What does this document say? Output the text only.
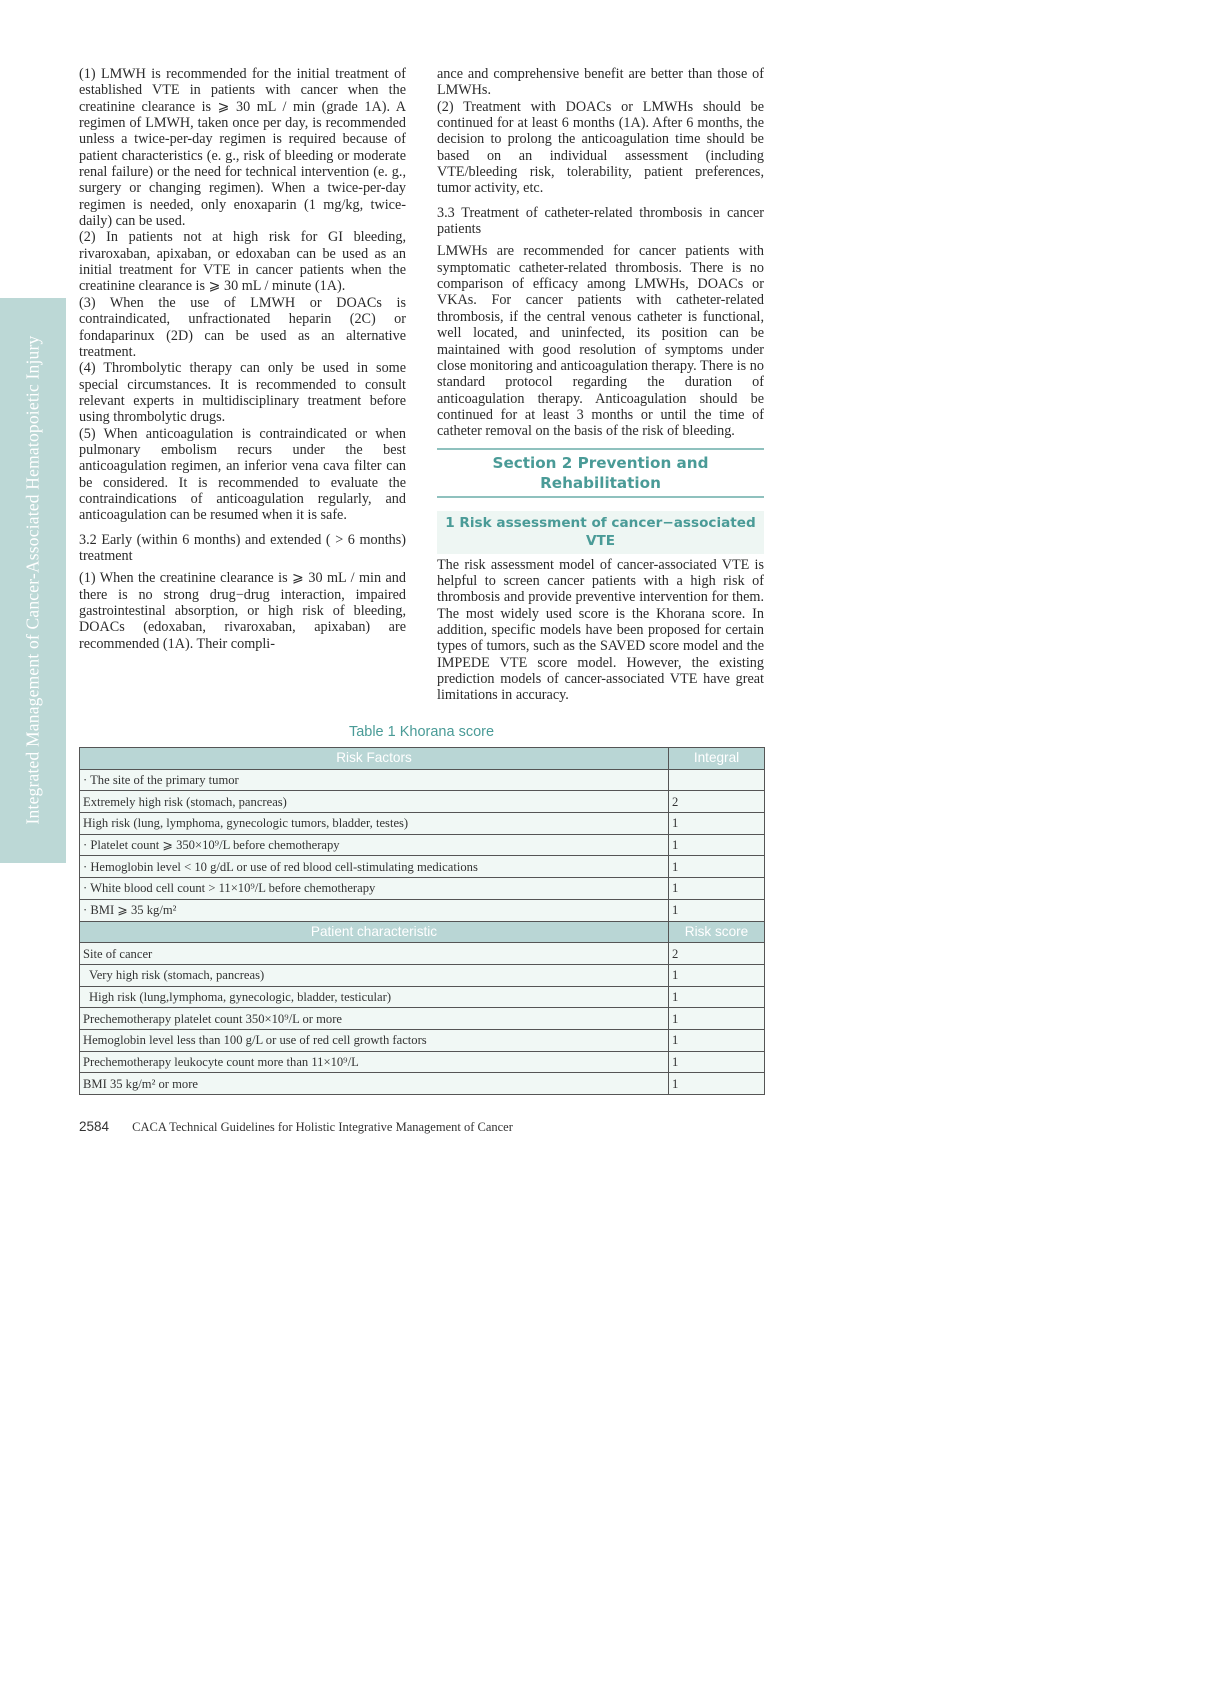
Integrated Management of Cancer-Associated Hematopoietic Injury

(1) LMWH is recommended for the initial treatment of established VTE in patients with cancer when the creatinine clearance is ⩾ 30 mL / min (grade 1A). A regimen of LMWH, taken once per day, is recommended unless a twice-per-day regimen is required because of patient characteristics (e. g., risk of bleeding or moderate renal failure) or the need for technical intervention (e. g., surgery or changing regimen). When a twice-per-day regimen is needed, only enoxaparin (1 mg/kg, twice-daily) can be used.

(2) In patients not at high risk for GI bleeding, rivaroxaban, apixaban, or edoxaban can be used as an initial treatment for VTE in cancer patients when the creatinine clearance is ⩾ 30 mL / minute (1A).

(3) When the use of LMWH or DOACs is contraindicated, unfractionated heparin (2C) or fondaparinux (2D) can be used as an alternative treatment.

(4) Thrombolytic therapy can only be used in some special circumstances. It is recommended to consult relevant experts in multidisciplinary treatment before using thrombolytic drugs.

(5) When anticoagulation is contraindicated or when pulmonary embolism recurs under the best anticoagulation regimen, an inferior vena cava filter can be considered. It is recommended to evaluate the contraindications of anticoagulation regularly, and anticoagulation can be resumed when it is safe.

3.2 Early (within 6 months) and extended ( > 6 months) treatment

(1) When the creatinine clearance is ⩾ 30 mL / min and there is no strong drug−drug interaction, impaired gastrointestinal absorption, or high risk of bleeding, DOACs (edoxaban, rivaroxaban, apixaban) are recommended (1A). Their compli-

ance and comprehensive benefit are better than those of LMWHs.

(2) Treatment with DOACs or LMWHs should be continued for at least 6 months (1A). After 6 months, the decision to prolong the anticoagulation time should be based on an individual assessment (including VTE/bleeding risk, tolerability, patient preferences, tumor activity, etc.

3.3 Treatment of catheter-related thrombosis in cancer patients

LMWHs are recommended for cancer patients with symptomatic catheter-related thrombosis. There is no comparison of efficacy among LMWHs, DOACs or VKAs. For cancer patients with catheter-related thrombosis, if the central venous catheter is functional, well located, and uninfected, its position can be maintained with good resolution of symptoms under close monitoring and anticoagulation therapy. There is no standard protocol regarding the duration of anticoagulation therapy. Anticoagulation should be continued for at least 3 months or until the time of catheter removal on the basis of the risk of bleeding.

Section 2 Prevention and Rehabilitation
1 Risk assessment of cancer−associated VTE

The risk assessment model of cancer-associated VTE is helpful to screen cancer patients with a high risk of thrombosis and provide preventive intervention for them. The most widely used score is the Khorana score. In addition, specific models have been proposed for certain types of tumors, such as the SAVED score model and the IMPEDE VTE score model. However, the existing prediction models of cancer-associated VTE have great limitations in accuracy.

Table 1 Khorana score
Risk Factors	Integral
· The site of the primary tumor	
Extremely high risk (stomach, pancreas)	2
High risk (lung, lymphoma, gynecologic tumors, bladder, testes)	1
· Platelet count ⩾ 350×10⁹/L before chemotherapy	1
· Hemoglobin level < 10 g/dL or use of red blood cell-stimulating medications	1
· White blood cell count > 11×10⁹/L before chemotherapy	1
· BMI ⩾ 35 kg/m²	1
Patient characteristic	Risk score
Site of cancer	2
Very high risk (stomach, pancreas)	1
High risk (lung,lymphoma, gynecologic, bladder, testicular)	1
Prechemotherapy platelet count 350×10⁹/L or more	1
Hemoglobin level less than 100 g/L or use of red cell growth factors	1
Prechemotherapy leukocyte count more than 11×10⁹/L	1
BMI 35 kg/m² or more	1
2584 CACA Technical Guidelines for Holistic Integrative Management of Cancer
